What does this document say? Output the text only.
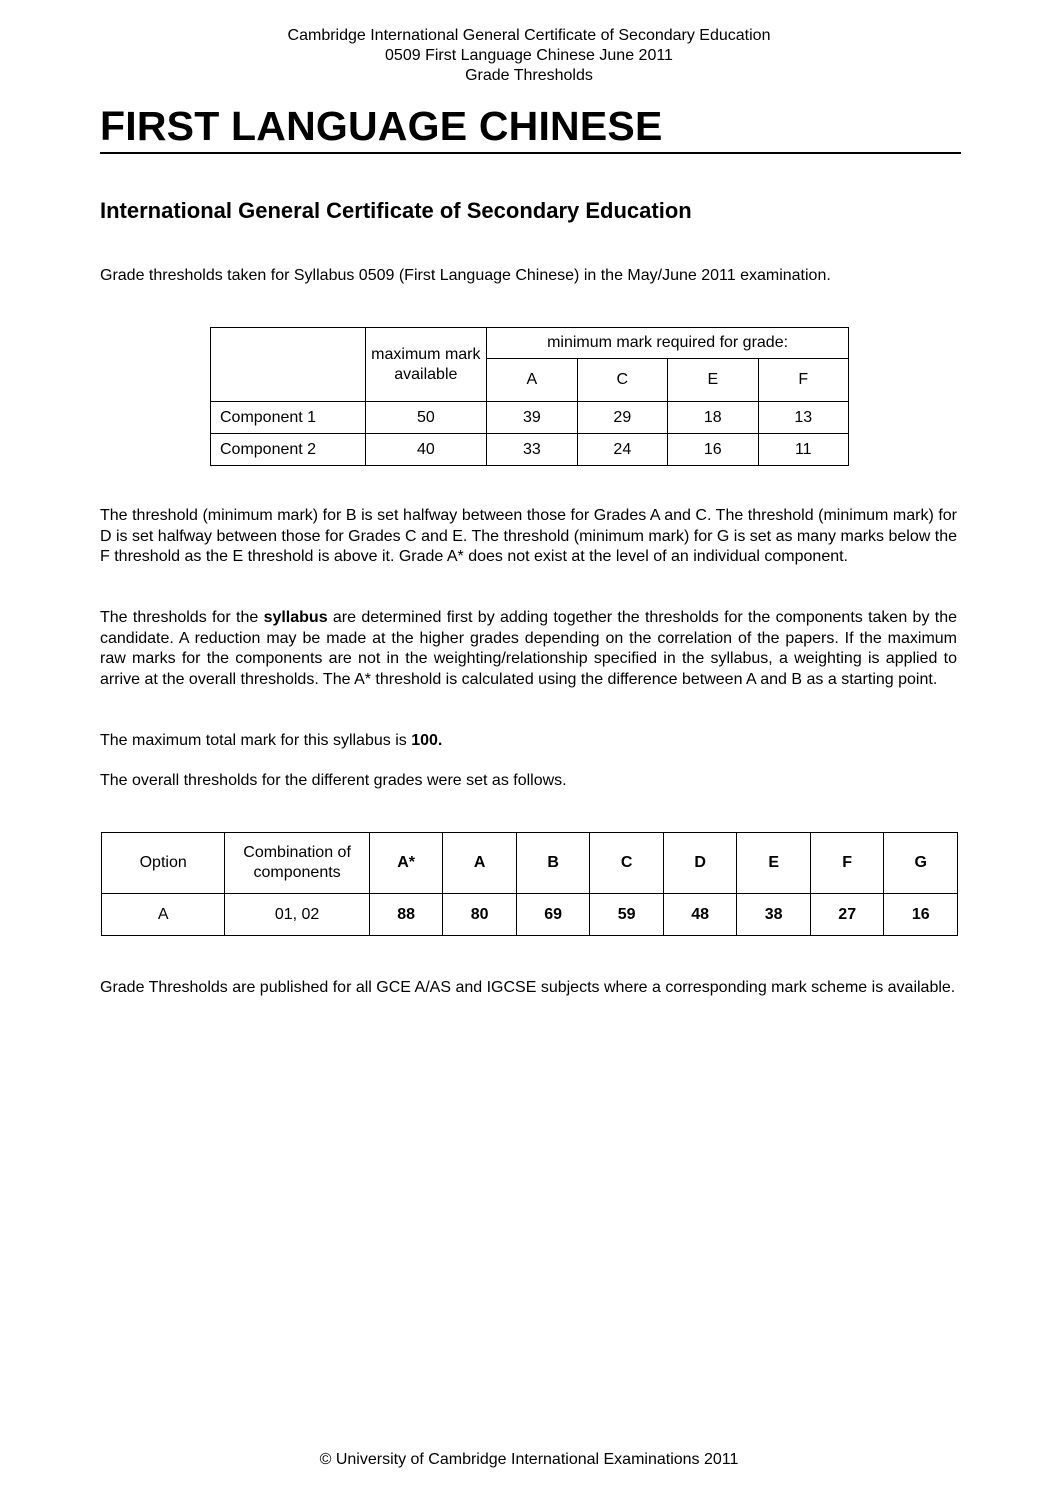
Cambridge International General Certificate of Secondary Education
0509 First Language Chinese June 2011
Grade Thresholds
FIRST LANGUAGE CHINESE
International General Certificate of Secondary Education
Grade thresholds taken for Syllabus 0509 (First Language Chinese) in the May/June 2011 examination.
	maximum mark available	minimum mark required for grade:			
		A	C	E	F
Component 1	50	39	29	18	13
Component 2	40	33	24	16	11
The threshold (minimum mark) for B is set halfway between those for Grades A and C. The threshold (minimum mark) for D is set halfway between those for Grades C and E. The threshold (minimum mark) for G is set as many marks below the F threshold as the E threshold is above it. Grade A* does not exist at the level of an individual component.
The thresholds for the syllabus are determined first by adding together the thresholds for the components taken by the candidate. A reduction may be made at the higher grades depending on the correlation of the papers. If the maximum raw marks for the components are not in the weighting/relationship specified in the syllabus, a weighting is applied to arrive at the overall thresholds. The A* threshold is calculated using the difference between A and B as a starting point.
The maximum total mark for this syllabus is 100.
The overall thresholds for the different grades were set as follows.
Option	Combination of components	A*	A	B	C	D	E	F	G
A	01, 02	88	80	69	59	48	38	27	16
Grade Thresholds are published for all GCE A/AS and IGCSE subjects where a corresponding mark scheme is available.
© University of Cambridge International Examinations 2011
